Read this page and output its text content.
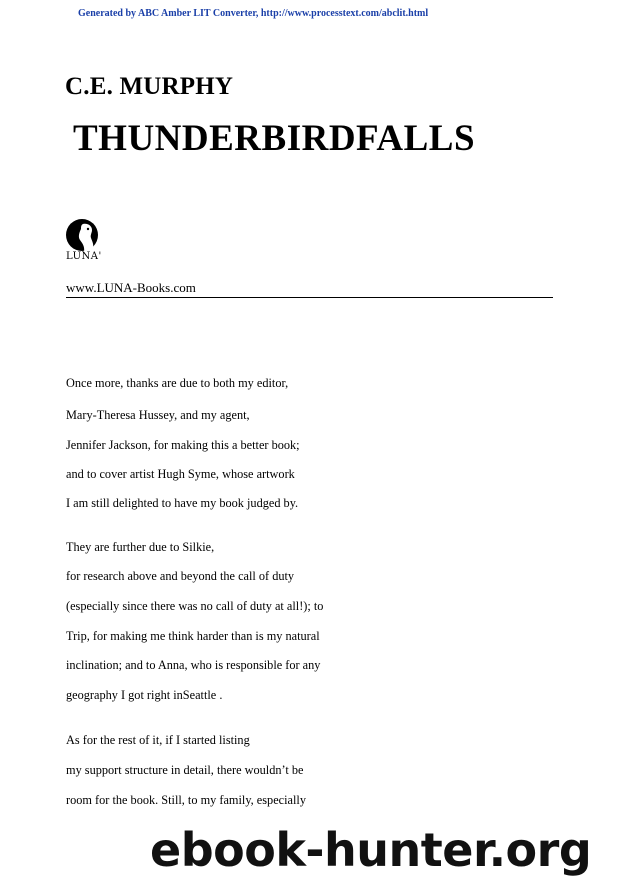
Generated by ABC Amber LIT Converter, http://www.processtext.com/abclit.html
C.E. MURPHY
THUNDERBIRDFALLS
LUNA'
www.LUNA-Books.com
Once more, thanks are due to both my editor,
Mary-Theresa Hussey, and my agent,
Jennifer Jackson, for making this a better book;
and to cover artist Hugh Syme, whose artwork
I am still delighted to have my book judged by.
They are further due to Silkie,
for research above and beyond the call of duty
(especially since there was no call of duty at all!); to
Trip, for making me think harder than is my natural
inclination; and to Anna, who is responsible for any
geography I got right inSeattle .
As for the rest of it, if I started listing
my support structure in detail, there wouldn’t be
room for the book. Still, to my family, especially
ebook-hunter.org
